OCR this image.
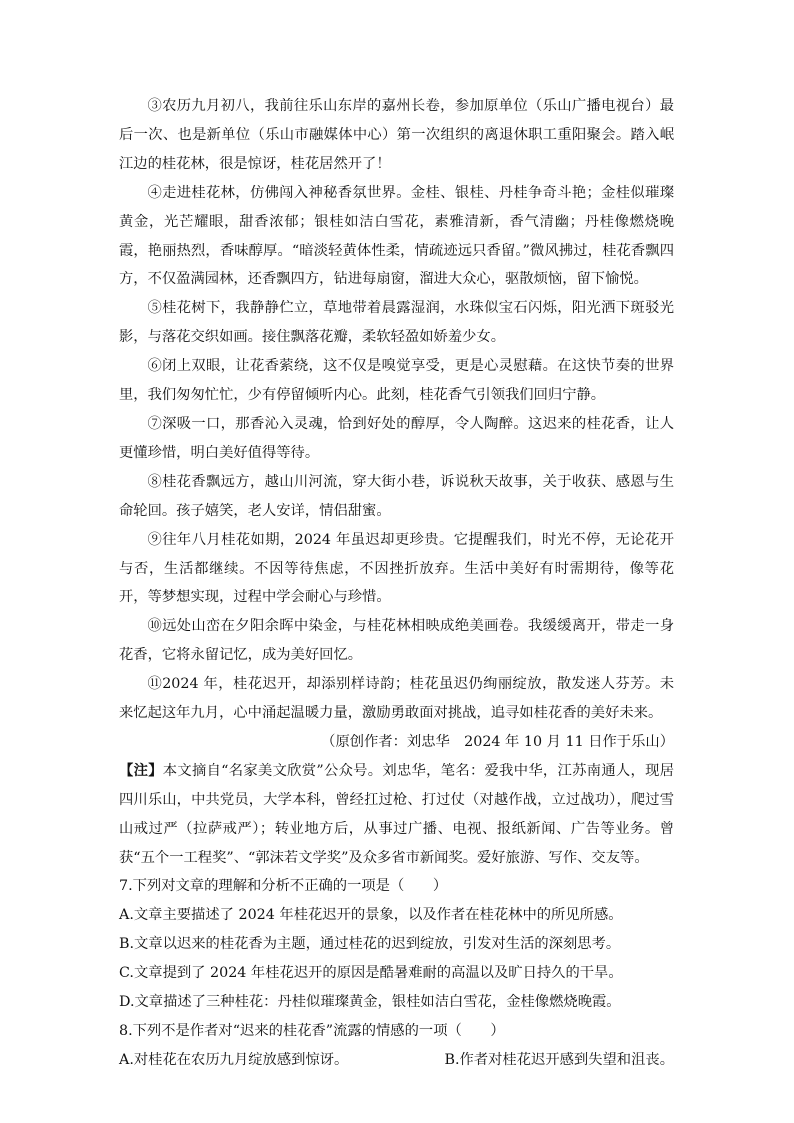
③农历九月初八，我前往乐山东岸的嘉州长卷，参加原单位（乐山广播电视台）最后一次、也是新单位（乐山市融媒体中心）第一次组织的离退休职工重阳聚会。踏入岷江边的桂花林，很是惊讶，桂花居然开了！

④走进桂花林，仿佛闯入神秘香氛世界。金桂、银桂、丹桂争奇斗艳；金桂似璀璨黄金，光芒耀眼，甜香浓郁；银桂如洁白雪花，素雅清新，香气清幽；丹桂像燃烧晚霞，艳丽热烈，香味醇厚。“暗淡轻黄体性柔，情疏迹远只香留。”微风拂过，桂花香飘四方，不仅盈满园林，还香飘四方，钻进每扇窗，溜进大众心，驱散烦恼，留下愉悦。

⑤桂花树下，我静静伫立，草地带着晨露湿润，水珠似宝石闪烁，阳光洒下斑驳光影，与落花交织如画。接住飘落花瓣，柔软轻盈如娇羞少女。

⑥闭上双眼，让花香萦绕，这不仅是嗅觉享受，更是心灵慰藉。在这快节奏的世界里，我们匆匆忙忙，少有停留倾听内心。此刻，桂花香气引领我们回归宁静。

⑦深吸一口，那香沁入灵魂，恰到好处的醇厚，令人陶醉。这迟来的桂花香，让人更懂珍惜，明白美好值得等待。

⑧桂花香飘远方，越山川河流，穿大街小巷，诉说秋天故事，关于收获、感恩与生命轮回。孩子嬉笑，老人安详，情侣甜蜜。

⑨往年八月桂花如期，2024 年虽迟却更珍贵。它提醒我们，时光不停，无论花开与否，生活都继续。不因等待焦虑，不因挫折放弃。生活中美好有时需期待，像等花开，等梦想实现，过程中学会耐心与珍惜。

⑩远处山峦在夕阳余晖中染金，与桂花林相映成绝美画卷。我缓缓离开，带走一身花香，它将永留记忆，成为美好回忆。

⑪2024 年，桂花迟开，却添别样诗韵；桂花虽迟仍绚丽绽放，散发迷人芬芳。未来忆起这年九月，心中涌起温暖力量，激励勇敢面对挑战，追寻如桂花香的美好未来。

（原创作者：刘忠华　2024 年 10 月 11 日作于乐山）

【注】本文摘自“名家美文欣赏”公众号。刘忠华，笔名：爱我中华，江苏南通人，现居四川乐山，中共党员，大学本科，曾经扛过枪、打过仗（对越作战，立过战功），爬过雪山戒过严（拉萨戒严）；转业地方后，从事过广播、电视、报纸新闻、广告等业务。曾获“五个一工程奖”、“郭沫若文学奖”及众多省市新闻奖。爱好旅游、写作、交友等。

7.下列对文章的理解和分析不正确的一项是（　　）

A.文章主要描述了 2024 年桂花迟开的景象，以及作者在桂花林中的所见所感。

B.文章以迟来的桂花香为主题，通过桂花的迟到绽放，引发对生活的深刻思考。

C.文章提到了 2024 年桂花迟开的原因是酷暑难耐的高温以及旷日持久的干旱。

D.文章描述了三种桂花：丹桂似璀璨黄金，银桂如洁白雪花，金桂像燃烧晚霞。

8.下列不是作者对“迟来的桂花香”流露的情感的一项（　　）

A.对桂花在农历九月绽放感到惊讶。	B.作者对桂花迟开感到失望和沮丧。
